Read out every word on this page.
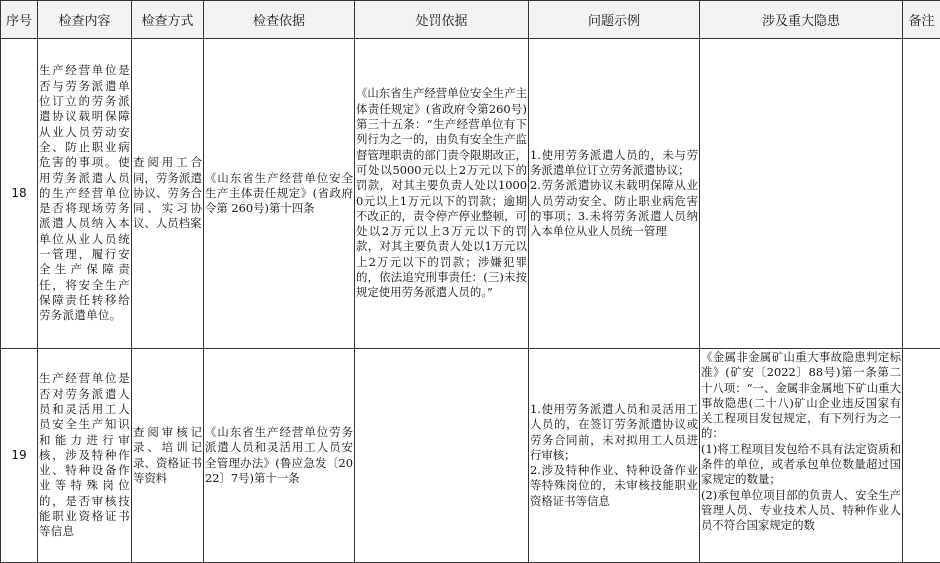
序号	检查内容	检查方式	检查依据	处罚依据	问题示例	涉及重大隐患	备注
18	生产经营单位是否与劳务派遣单位订立的劳务派遣协议载明保障从业人员劳动安全、防止职业病危害的事项。使用劳务派遣人员的生产经营单位是否将现场劳务派遣人员纳入本单位从业人员统一管理，履行安全生产保障责任，将安全生产保障责任转移给劳务派遣单位。	查阅用工合同，劳务派遣协议、劳务合同、实习协议、人员档案	《山东省生产经营单位安全生产主体责任规定》(省政府令第 260号)第十四条	《山东省生产经营单位安全生产主体责任规定》(省政府令第260号)第三十五条：“生产经营单位有下列行为之一的，由负有安全生产监督管理职责的部门责令限期改正，可处以5000元以上2万元以下的罚款，对其主要负责人处以10000元以上1万元以下的罚款；逾期不改正的，责令停产停业整顿，可处以2万元以上3万元以下的罚款，对其主要负责人处以1万元以上2万元以下的罚款；涉嫌犯罪的，依法追究刑事责任：(三)未按规定使用劳务派遣人员的。”	1.使用劳务派遣人员的，未与劳务派遣单位订立劳务派遣协议；
2.劳务派遣协议未载明保障从业人员劳动安全、防止职业病危害的事项；3.未将劳务派遣人员纳入本单位从业人员统一管理		

19	生产经营单位是否对劳务派遣人员和灵活用工人员安全生产知识和能力进行审核，涉及特种作业、特种设备作业等特殊岗位的，是否审核技能职业资格证书等信息	查阅审核记录、培训记录、资格证书等资料	《山东省生产经营单位劳务派遣人员和灵活用工人员安全管理办法》(鲁应急发〔2022〕7号)第十一条		1.使用劳务派遣人员和灵活用工人员的，在签订劳务派遣协议或劳务合同前，未对拟用工人员进行审核；
2.涉及特种作业、特种设备作业等特殊岗位的，未审核技能职业资格证书等信息	《金属非金属矿山重大事故隐患判定标准》(矿安〔2022〕88号)第一条第二十八项：“一、金属非金属地下矿山重大事故隐患(二十八)矿山企业违反国家有关工程项目发包规定，有下列行为之一的：
(1)将工程项目发包给不具有法定资质和条件的单位，或者承包单位数量超过国家规定的数量；
(2)承包单位项目部的负责人、安全生产管理人员、专业技术人员、特种作业人员不符合国家规定的数	
